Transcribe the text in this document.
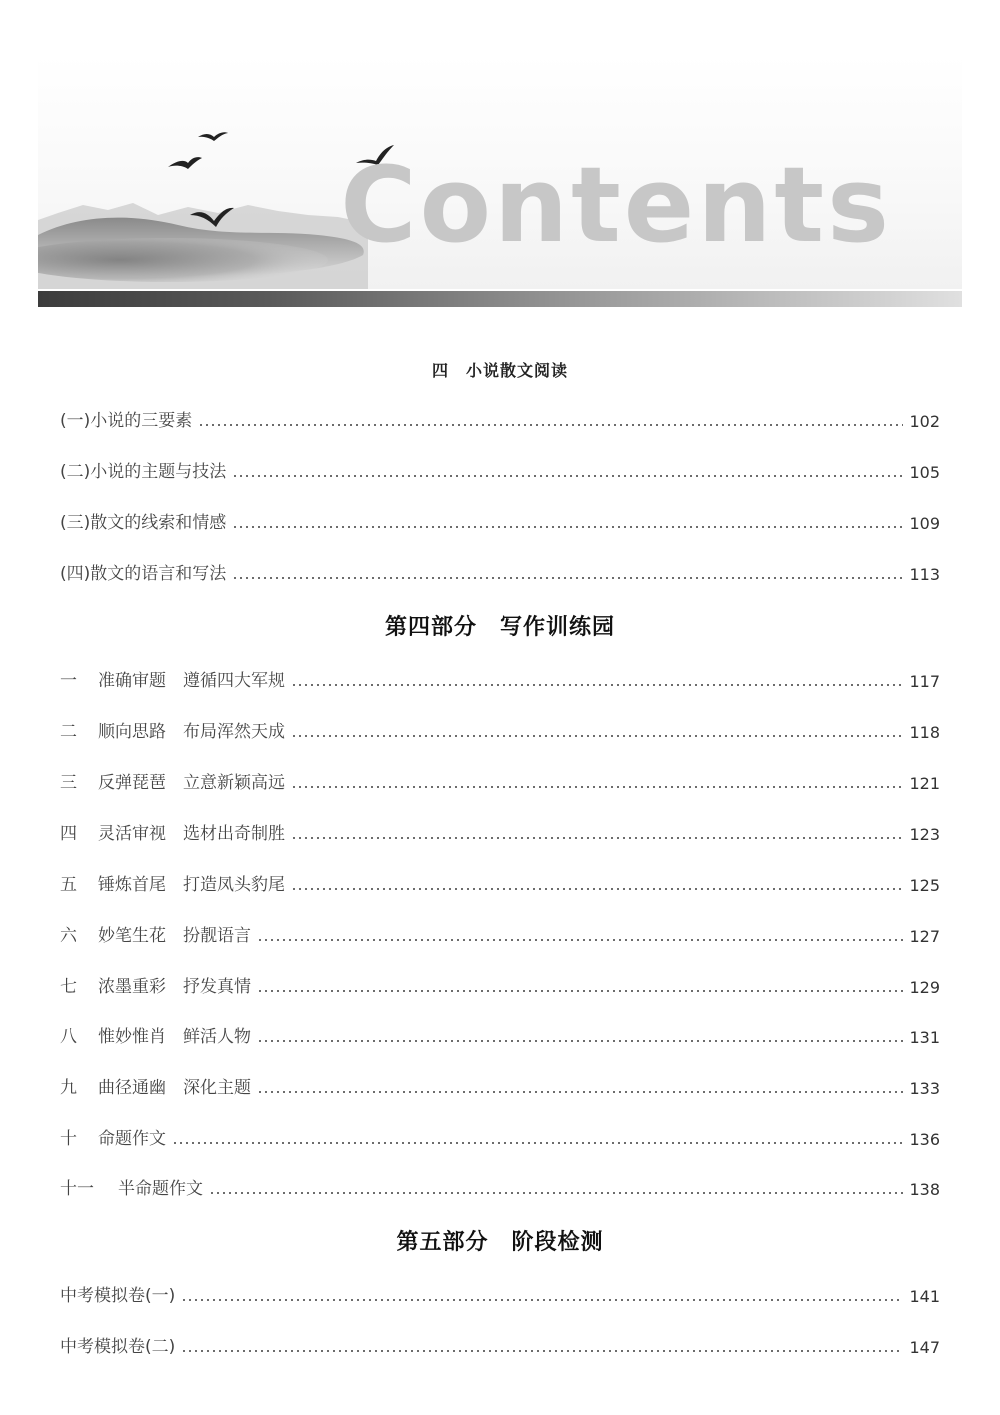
Contents
四　小说散文阅读
(一)小说的三要素	102
(二)小说的主题与技法	105
(三)散文的线索和情感	109
(四)散文的语言和写法	113
第四部分　写作训练园
一	准确审题　遵循四大军规	117
二	顺向思路　布局浑然天成	118
三	反弹琵琶　立意新颖高远	121
四	灵活审视　选材出奇制胜	123
五	锤炼首尾　打造凤头豹尾	125
六	妙笔生花　扮靓语言	127
七	浓墨重彩　抒发真情	129
八	惟妙惟肖　鲜活人物	131
九	曲径通幽　深化主题	133
十	命题作文	136
十一	半命题作文	138
第五部分　阶段检测
中考模拟卷(一)	141
中考模拟卷(二)	147
